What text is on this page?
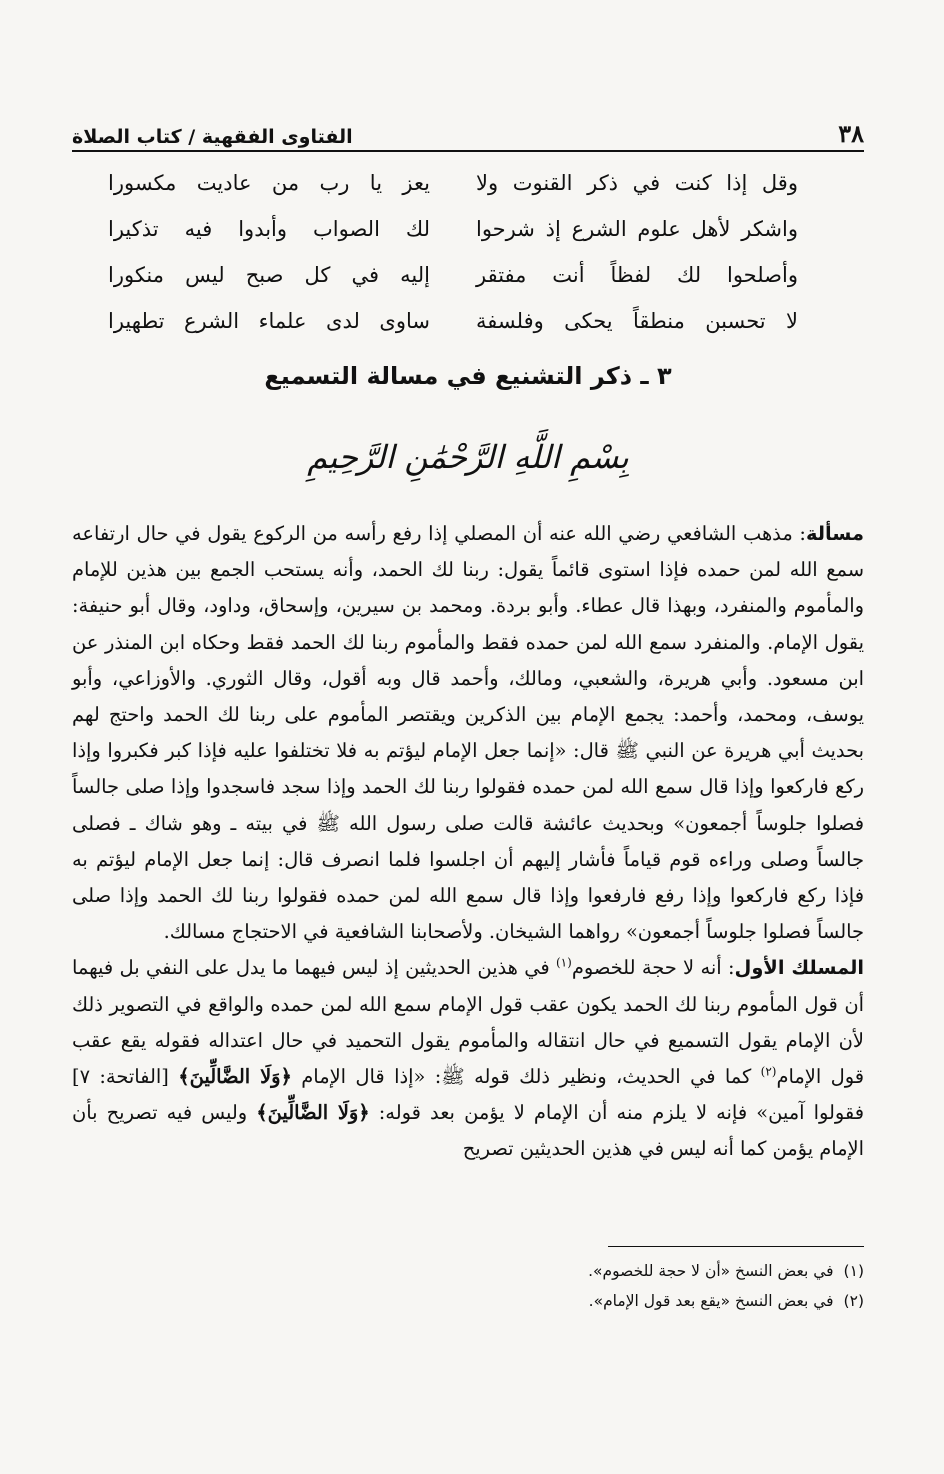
٣٨
الفتاوى الفقهية / كتاب الصلاة
وقل إذا كنت في ذكر القنوت ولا
يعز يا رب من عاديت مكسورا
واشكر لأهل علوم الشرع إذ شرحوا
لك الصواب وأبدوا فيه تذكيرا
وأصلحوا لك لفظاً أنت مفتقر
إليه في كل صبح ليس منكورا
لا تحسبن منطقاً يحكى وفلسفة
ساوى لدى علماء الشرع تطهيرا
٣ ـ ذكر التشنيع في مسالة التسميع
بِسْمِ اللَّهِ الرَّحْمَٰنِ الرَّحِيمِ

مسألة: مذهب الشافعي رضي الله عنه أن المصلي إذا رفع رأسه من الركوع يقول في حال ارتفاعه سمع الله لمن حمده فإذا استوى قائماً يقول: ربنا لك الحمد، وأنه يستحب الجمع بين هذين للإمام والمأموم والمنفرد، وبهذا قال عطاء. وأبو بردة. ومحمد بن سيرين، وإسحاق، وداود، وقال أبو حنيفة: يقول الإمام. والمنفرد سمع الله لمن حمده فقط والمأموم ربنا لك الحمد فقط وحكاه ابن المنذر عن ابن مسعود. وأبي هريرة، والشعبي، ومالك، وأحمد قال وبه أقول، وقال الثوري. والأوزاعي، وأبو يوسف، ومحمد، وأحمد: يجمع الإمام بين الذكرين ويقتصر المأموم على ربنا لك الحمد واحتج لهم بحديث أبي هريرة عن النبي ﷺ قال: «إنما جعل الإمام ليؤتم به فلا تختلفوا عليه فإذا كبر فكبروا وإذا ركع فاركعوا وإذا قال سمع الله لمن حمده فقولوا ربنا لك الحمد وإذا سجد فاسجدوا وإذا صلى جالساً فصلوا جلوساً أجمعون» وبحديث عائشة قالت صلى رسول الله ﷺ في بيته ـ وهو شاك ـ فصلى جالساً وصلى وراءه قوم قياماً فأشار إليهم أن اجلسوا فلما انصرف قال: إنما جعل الإمام ليؤتم به فإذا ركع فاركعوا وإذا رفع فارفعوا وإذا قال سمع الله لمن حمده فقولوا ربنا لك الحمد وإذا صلى جالساً فصلوا جلوساً أجمعون» رواهما الشيخان. ولأصحابنا الشافعية في الاحتجاج مسالك.

المسلك الأول: أنه لا حجة للخصوم$^{(١)}$ في هذين الحديثين إذ ليس فيهما ما يدل على النفي بل فيهما أن قول المأموم ربنا لك الحمد يكون عقب قول الإمام سمع الله لمن حمده والواقع في التصوير ذلك لأن الإمام يقول التسميع في حال انتقاله والمأموم يقول التحميد في حال اعتداله فقوله يقع عقب قول الإمام$^{(٢)}$ كما في الحديث، ونظير ذلك قوله ﷺ: «إذا قال الإمام ﴿وَلَا الضَّالِّينَ﴾ [الفاتحة: ٧] فقولوا آمين» فإنه لا يلزم منه أن الإمام لا يؤمن بعد قوله: ﴿وَلَا الضَّالِّينَ﴾ وليس فيه تصريح بأن الإمام يؤمن كما أنه ليس في هذين الحديثين تصريح

(١)
في بعض النسخ «أن لا حجة للخصوم».
(٢)
في بعض النسخ «يقع بعد قول الإمام».
